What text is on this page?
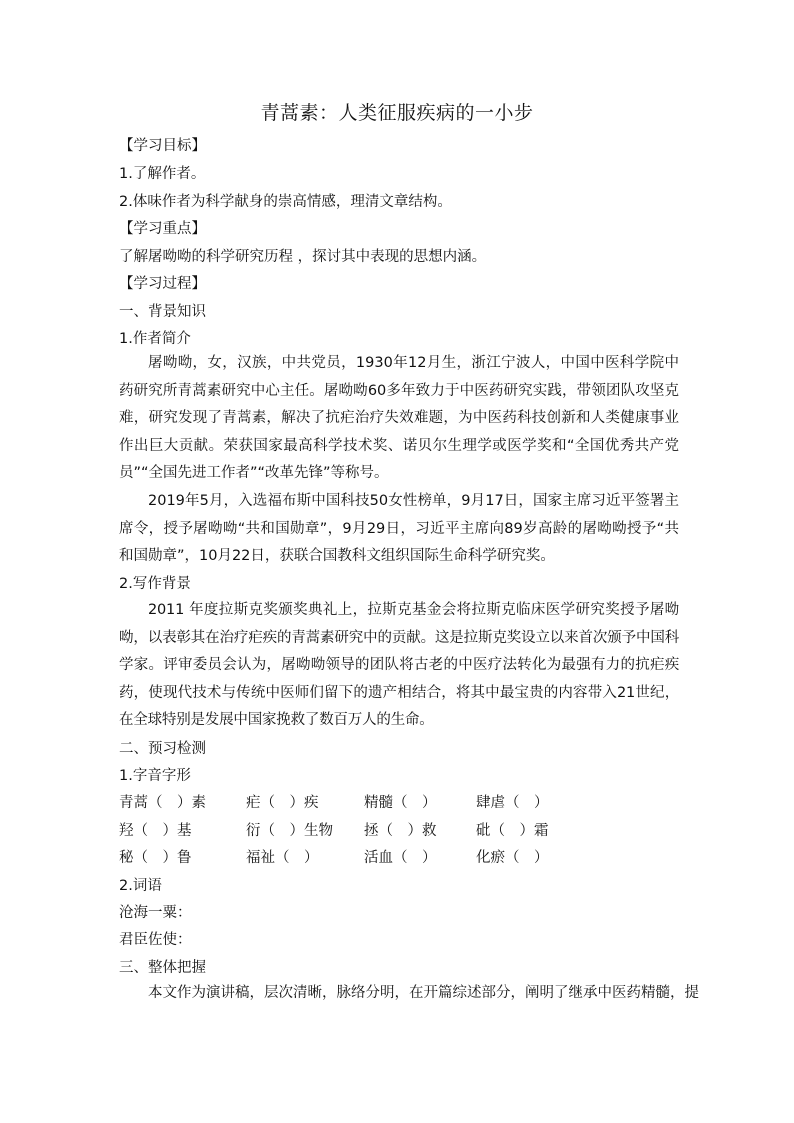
青蒿素：人类征服疾病的一小步
【学习目标】
1.了解作者。
2.体味作者为科学献身的崇高情感，理清文章结构。
【学习重点】
了解屠呦呦的科学研究历程 ，探讨其中表现的思想内涵。
【学习过程】
一、背景知识
1.作者简介

屠呦呦，女，汉族，中共党员，1930年12月生，浙江宁波人，中国中医科学院中药研究所青蒿素研究中心主任。屠呦呦60多年致力于中医药研究实践，带领团队攻坚克难，研究发现了青蒿素，解决了抗疟治疗失效难题，为中医药科技创新和人类健康事业作出巨大贡献。荣获国家最高科学技术奖、诺贝尔生理学或医学奖和“全国优秀共产党员”“全国先进工作者”“改革先锋”等称号。

2019年5月，入选福布斯中国科技50女性榜单，9月17日，国家主席习近平签署主席令，授予屠呦呦“共和国勋章”，9月29日，习近平主席向89岁高龄的屠呦呦授予“共和国勋章”，10月22日，获联合国教科文组织国际生命科学研究奖。

2.写作背景

2011 年度拉斯克奖颁奖典礼上，拉斯克基金会将拉斯克临床医学研究奖授予屠呦呦，以表彰其在治疗疟疾的青蒿素研究中的贡献。这是拉斯克奖设立以来首次颁予中国科学家。评审委员会认为，屠呦呦领导的团队将古老的中医疗法转化为最强有力的抗疟疾药，使现代技术与传统中医师们留下的遗产相结合，将其中最宝贵的内容带入21世纪，在全球特别是发展中国家挽救了数百万人的生命。

二、预习检测
1.字音字形
青蒿（　）素	疟（　）疾	精髓（　）	肆虐（　）
羟（　）基	衍（　）生物 拯（　）救	砒（　）霜
秘（　）鲁	福祉（　）	活血（　）	化瘀（　）
2.词语
沧海一粟：
君臣佐使：
三、整体把握

本文作为演讲稿，层次清晰，脉络分明，在开篇综述部分，阐明了继承中医药精髓，提
